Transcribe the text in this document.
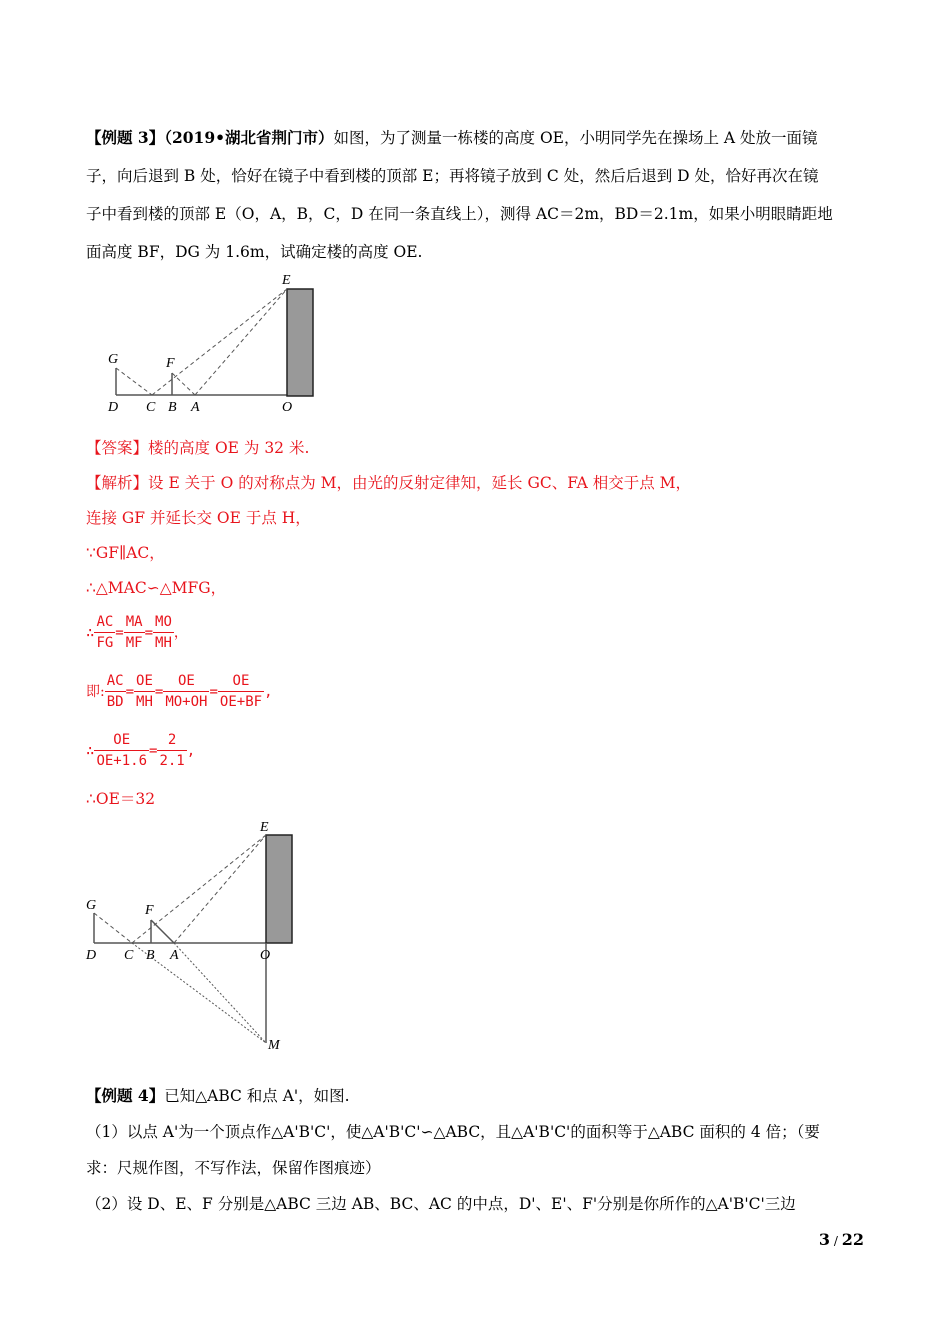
【例题 3】（2019•湖北省荆门市）如图，为了测量一栋楼的高度 OE，小明同学先在操场上 A 处放一面镜
子，向后退到 B 处，恰好在镜子中看到楼的顶部 E；再将镜子放到 C 处，然后后退到 D 处，恰好再次在镜
子中看到楼的顶部 E（O，A，B，C，D 在同一条直线上），测得 AC＝2m，BD＝2.1m，如果小明眼睛距地
面高度 BF，DG 为 1.6m，试确定楼的高度 OE.
E
G	F
D C B A	O
【答案】楼的高度 OE 为 32 米.
【解析】设 E 关于 O 的对称点为 M，由光的反射定律知，延长 GC、FA 相交于点 M，
连接 GF 并延长交 OE 于点 H，
∵GF∥AC，
∴△MAC∽△MFG，
∴ $\frac{AC}{FG} = \frac{MA}{MF} = \frac{MO}{MH}$ ，
即: $\frac{AC}{BD} = \frac{OE}{MH} = \frac{OE}{MO+OH} = \frac{OE}{OE+BF}$ ,
∴ $\frac{OE}{OE+1.6} = \frac{2}{2.1}$ ,
∴OE＝32
E
G	F
D C B A	O
M
【例题 4】已知△ABC 和点 A'，如图.
（1）以点 A'为一个顶点作△A'B'C'，使△A'B'C'∽△ABC，且△A'B'C'的面积等于△ABC 面积的 4 倍；（要
求：尺规作图，不写作法，保留作图痕迹）
（2）设 D、E、F 分别是△ABC 三边 AB、BC、AC 的中点，D'、E'、F'分别是你所作的△A'B'C'三边
3 / 22
